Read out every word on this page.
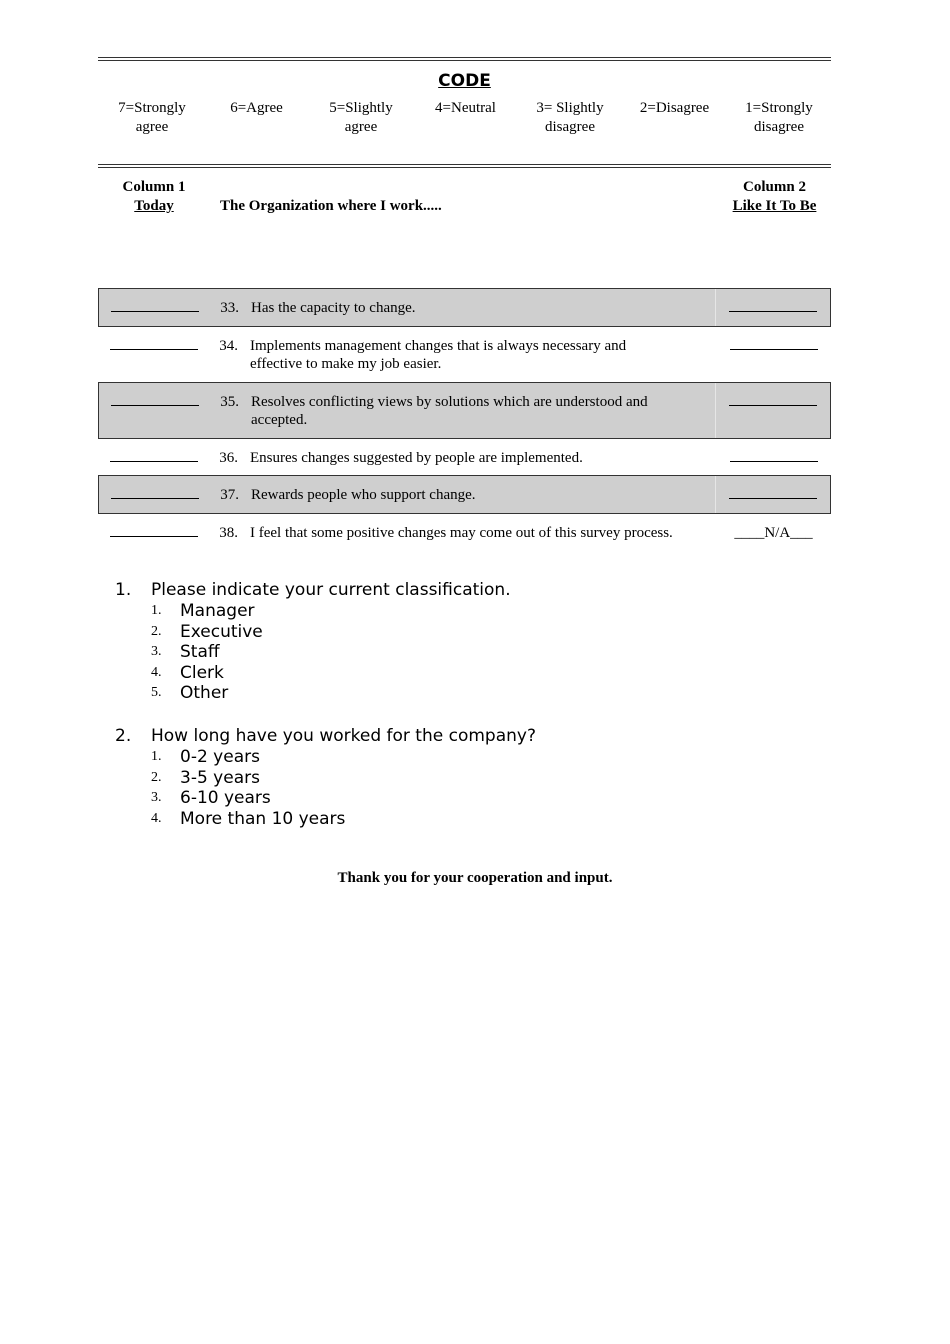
CODE
7=Strongly
agree
6=Agree	5=Slightly
agree
4=Neutral	3= Slightly
disagree
2=Disagree	1=Strongly
disagree
Column 1
Today	The Organization where I work.....
Column 2
Like It To Be
33. Has the capacity to change.
34. Implements management changes that is always necessary and
effective to make my job easier.
35. Resolves conflicting views by solutions which are understood and
accepted.
36. Ensures changes suggested by people are implemented.
37. Rewards people who support change.
38. I feel that some positive changes may come out of this survey process.	____N/A___
1.	Please indicate your current classification.
1.	Manager
2.	Executive
3.	Staff
4.	Clerk
5.	Other
2.	How long have you worked for the company?
1.	0-2 years
2.	3-5 years
3.	6-10 years
4.	More than 10 years
Thank you for your cooperation and input.
